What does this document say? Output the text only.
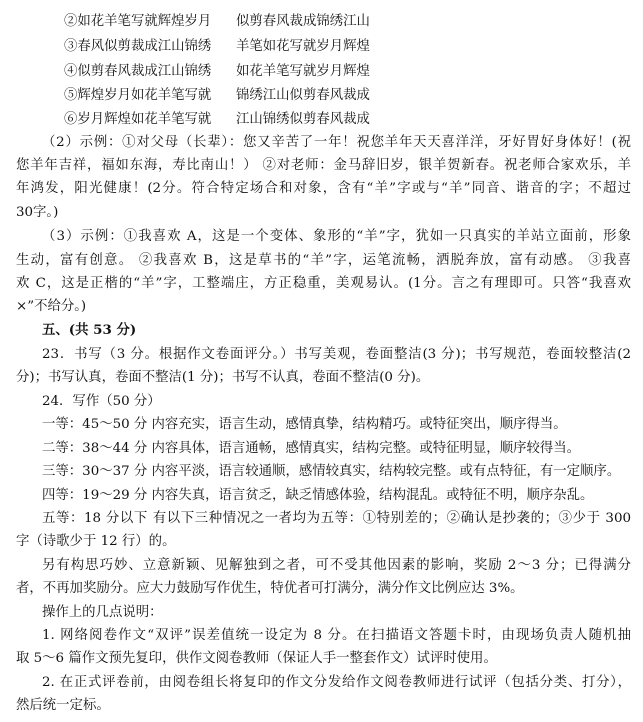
②如花羊笔写就辉煌岁月 似剪春风裁成锦绣江山
③春风似剪裁成江山锦绣 羊笔如花写就岁月辉煌
④似剪春风裁成江山锦绣 如花羊笔写就岁月辉煌
⑤辉煌岁月如花羊笔写就 锦绣江山似剪春风裁成
⑥岁月辉煌如花羊笔写就 江山锦绣似剪春风裁成
（2）示例：①对父母（长辈）：您又辛苦了一年！祝您羊年天天喜洋洋，牙好胃好身体好！(祝
您羊年吉祥，福如东海，寿比南山！） ②对老师：金马辞旧岁，银羊贺新春。祝老师合家欢乐，羊
年鸿发，阳光健康！(2分。符合特定场合和对象，含有“羊”字或与“羊”同音、谐音的字；不超过
30字。)
（3）示例：①我喜欢 A，这是一个变体、象形的“羊”字，犹如一只真实的羊站立面前，形象
生动，富有创意。 ②我喜欢 B，这是草书的“羊”字，运笔流畅，洒脱奔放，富有动感。 ③我喜
欢 C，这是正楷的“羊”字，工整端庄，方正稳重，美观易认。(1分。言之有理即可。只答“我喜欢
×”不给分。)
五、(共 53 分)
23．书写（3 分。根据作文卷面评分。）书写美观，卷面整洁(3 分)；书写规范，卷面较整洁(2
分)；书写认真，卷面不整洁(1 分)；书写不认真，卷面不整洁(0 分)。
24．写作（50 分）
一等：45～50 分 内容充实，语言生动，感情真挚，结构精巧。或特征突出，顺序得当。
二等：38～44 分 内容具体，语言通畅，感情真实，结构完整。或特征明显，顺序较得当。
三等：30～37 分 内容平淡，语言较通顺，感情较真实，结构较完整。或有点特征，有一定顺序。
四等：19～29 分 内容失真，语言贫乏，缺乏情感体验，结构混乱。或特征不明，顺序杂乱。
五等：18 分以下 有以下三种情况之一者均为五等：①特别差的；②确认是抄袭的；③少于 300
字（诗歌少于 12 行）的。
另有构思巧妙、立意新颖、见解独到之者，可不受其他因素的影响，奖励 2～3 分；已得满分
者，不再加奖励分。应大力鼓励写作优生，特优者可打满分，满分作文比例应达 3%。
操作上的几点说明：
1. 网络阅卷作文“双评”误差值统一设定为 8 分。在扫描语文答题卡时，由现场负责人随机抽
取 5～6 篇作文预先复印，供作文阅卷教师（保证人手一整套作文）试评时使用。
2. 在正式评卷前，由阅卷组长将复印的作文分发给作文阅卷教师进行试评（包括分类、打分），
然后统一定标。
